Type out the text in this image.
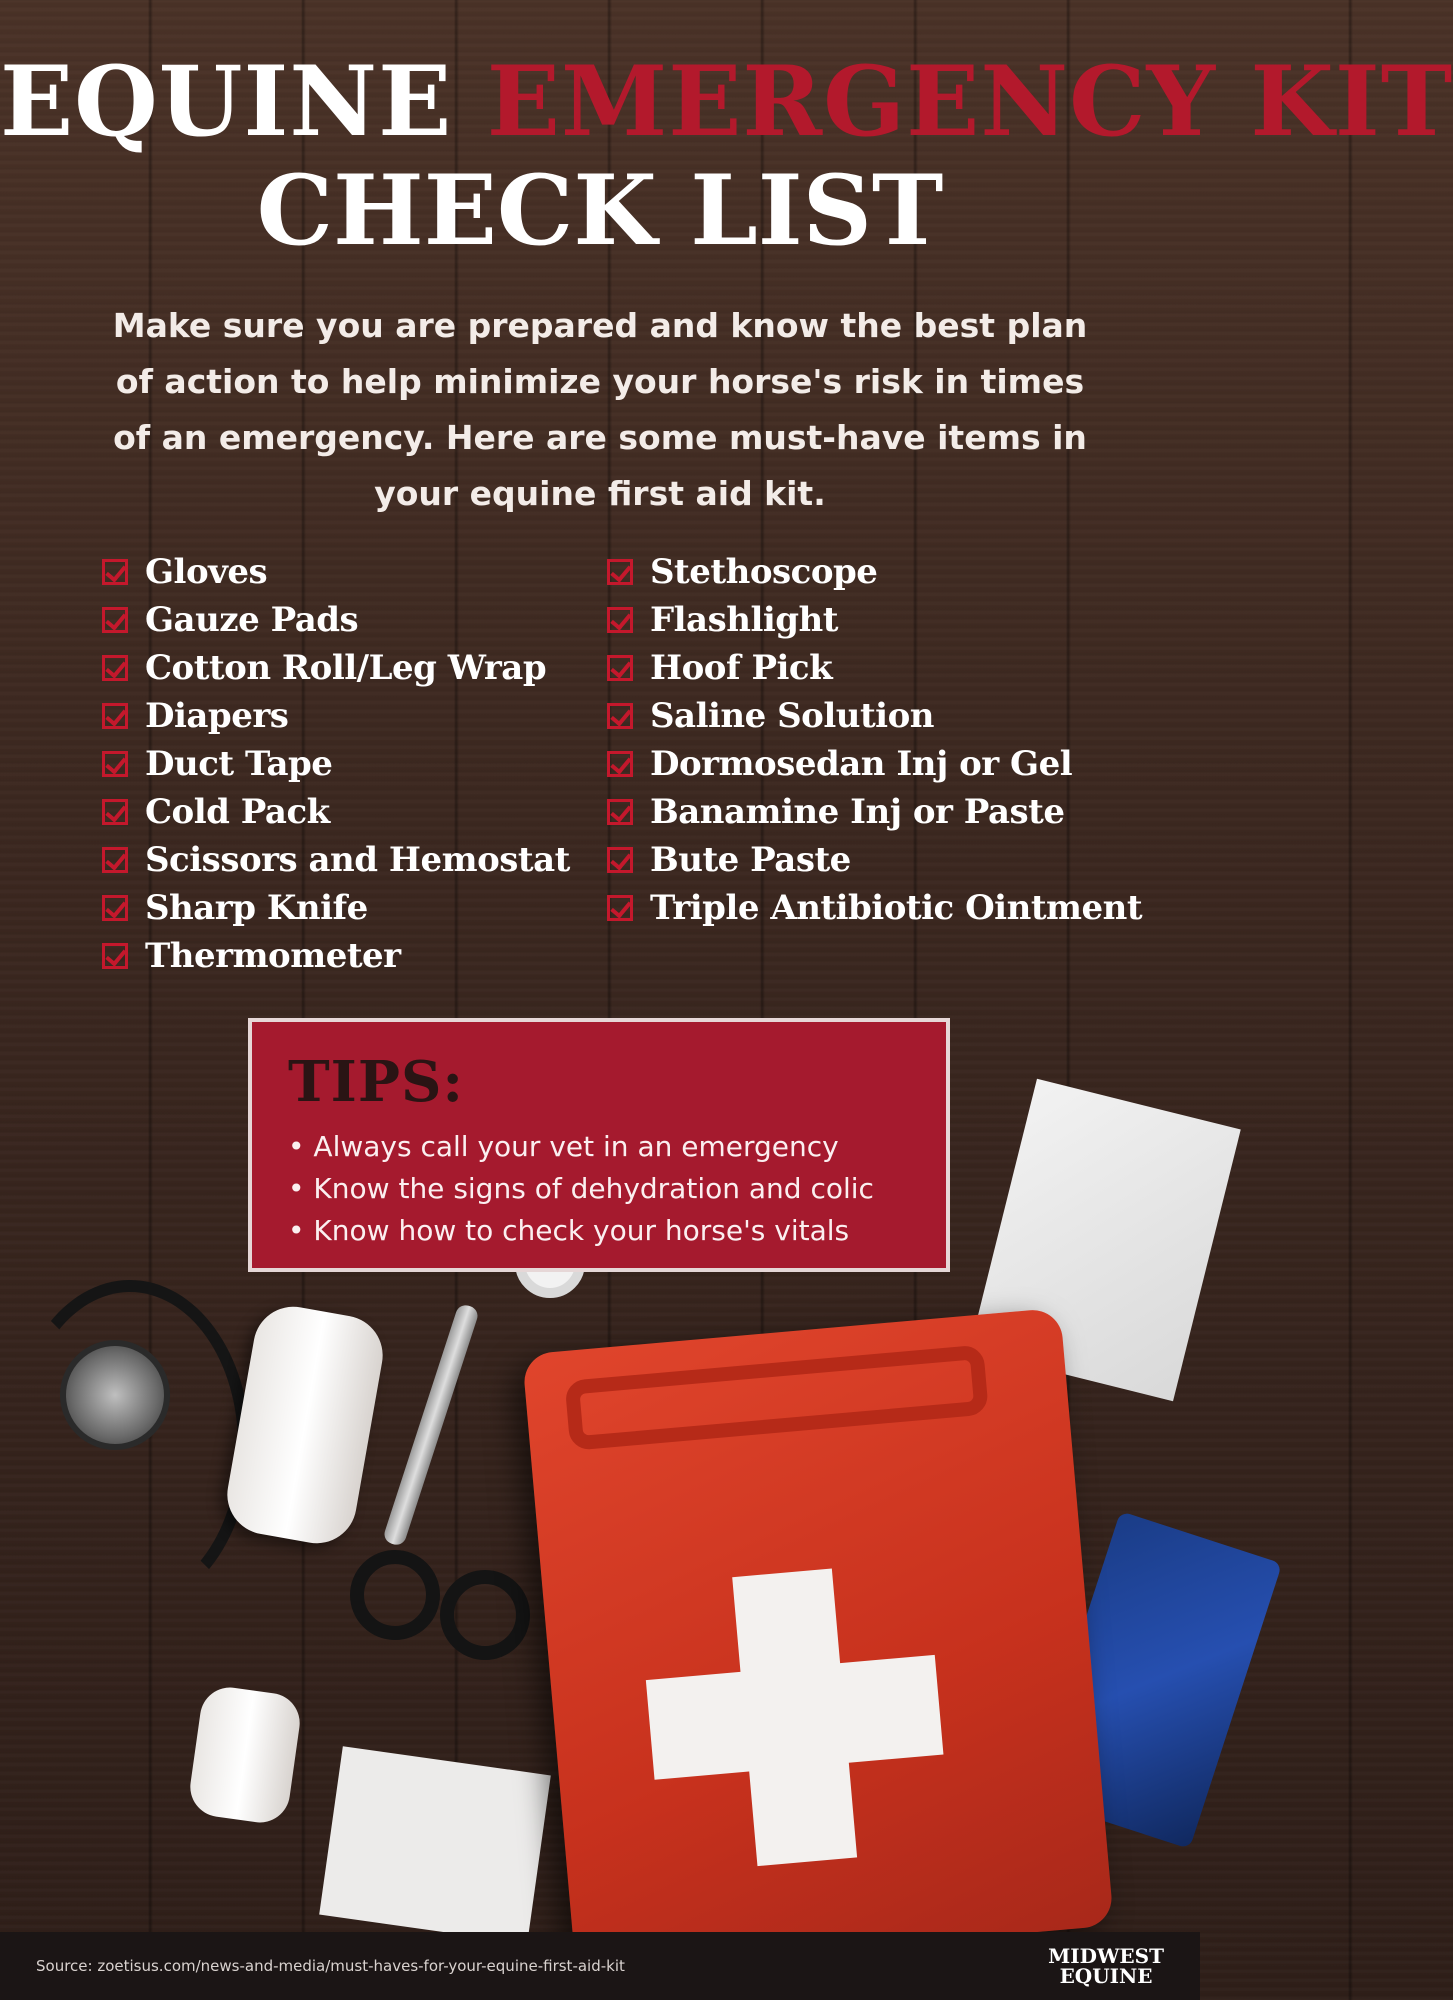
EQUINE EMERGENCY KIT
CHECK LIST

Make sure you are prepared and know the best plan of action to help minimize your horse's risk in times of an emergency. Here are some must-have items in your equine first aid kit.

Gloves
Gauze Pads
Cotton Roll/Leg Wrap
Diapers
Duct Tape
Cold Pack
Scissors and Hemostat
Sharp Knife
Thermometer
Stethoscope
Flashlight
Hoof Pick
Saline Solution
Dormosedan Inj or Gel
Banamine Inj or Paste
Bute Paste
Triple Antibiotic Ointment
TIPS:
• Always call your vet in an emergency
• Know the signs of dehydration and colic
• Know how to check your horse's vitals
Source: zoetisus.com/news-and-media/must-haves-for-your-equine-first-aid-kit	MIDWEST
EQUINE
